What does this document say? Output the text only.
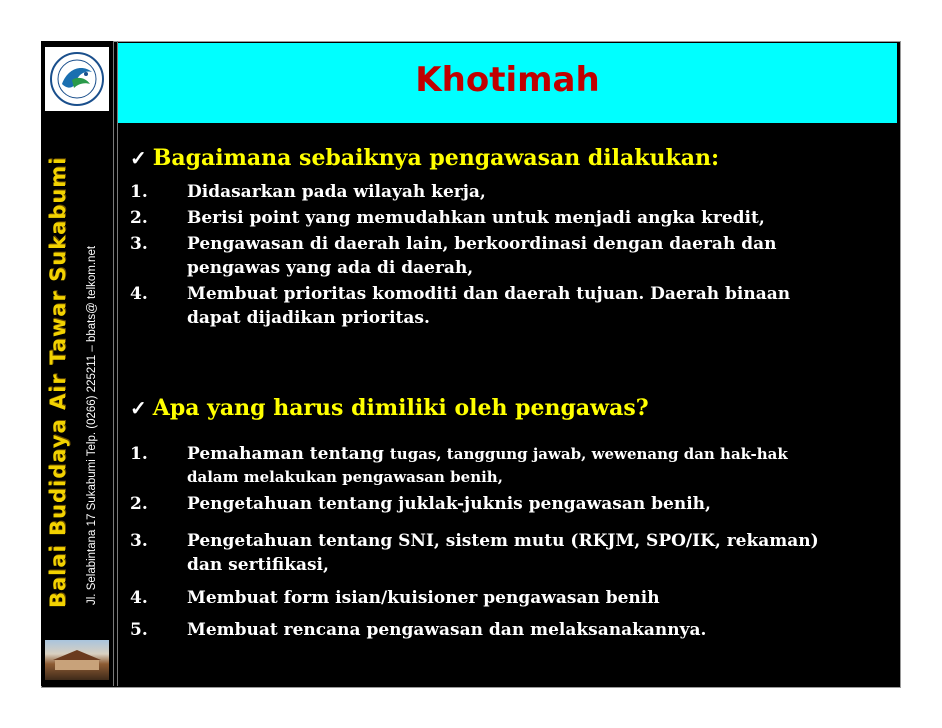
Balai Budidaya Air Tawar Sukabumi Jl. Selabintana 17 Sukabumi Telp. (0266) 225211 – bbats@ telkom.net
Khotimah
✓ Bagaimana sebaiknya pengawasan dilakukan:
1.	Didasarkan pada wilayah kerja,
2.	Berisi point yang memudahkan untuk menjadi angka kredit,
3.	Pengawasan di daerah lain, berkoordinasi dengan daerah dan
pengawas yang ada di daerah,
4.	Membuat prioritas komoditi dan daerah tujuan. Daerah binaan
dapat dijadikan prioritas.
✓ Apa yang harus dimiliki oleh pengawas?
1.	Pemahaman tentang tugas, tanggung jawab, wewenang dan hak-hak
dalam melakukan pengawasan benih,
2.	Pengetahuan tentang juklak-juknis pengawasan benih,
3.	Pengetahuan tentang SNI, sistem mutu (RKJM, SPO/IK, rekaman)
dan sertifikasi,
4.	Membuat form isian/kuisioner pengawasan benih
5.	Membuat rencana pengawasan dan melaksanakannya.
